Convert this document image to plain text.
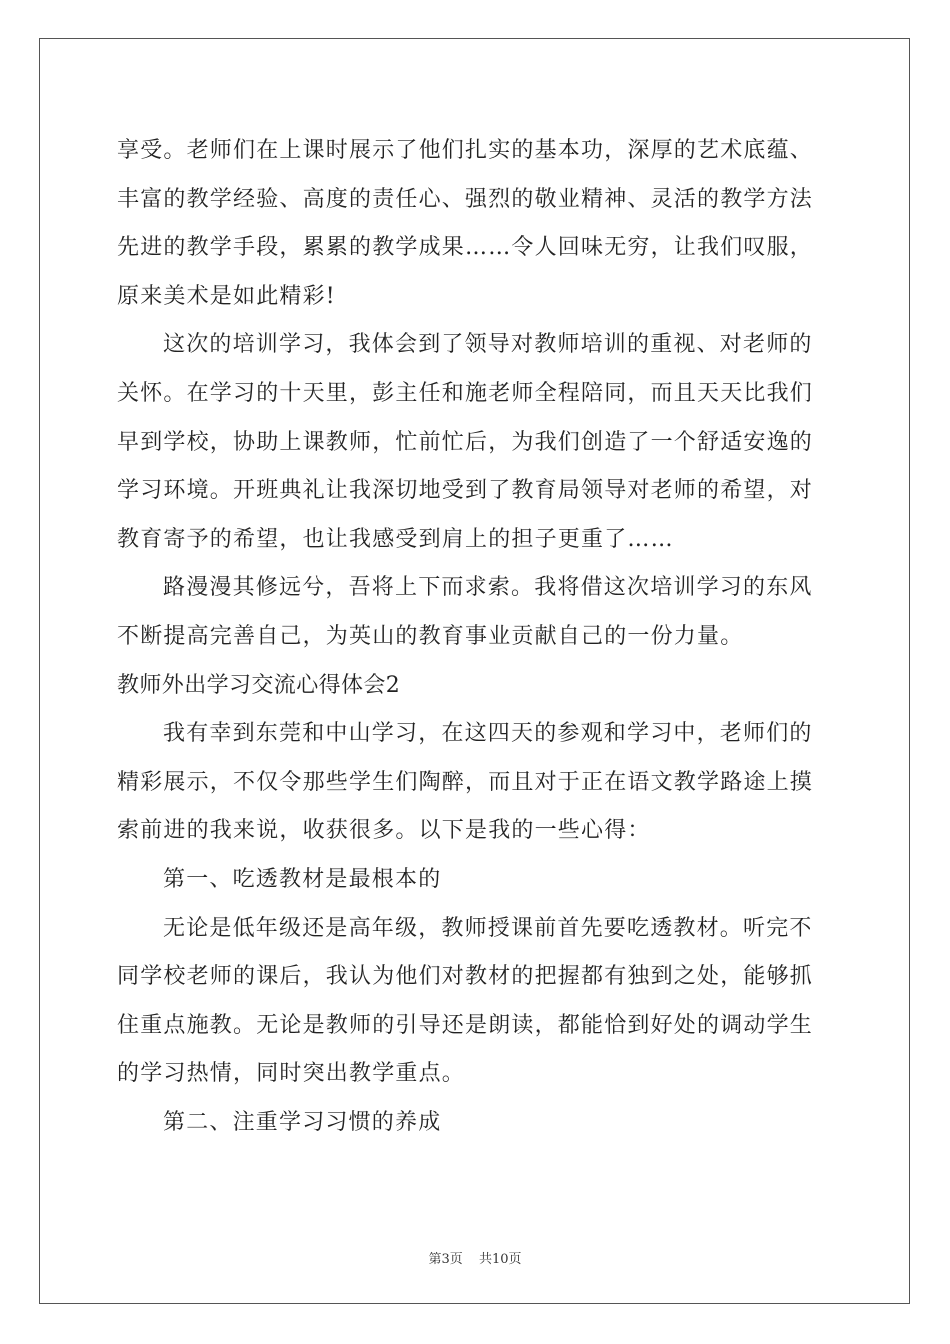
享受。老师们在上课时展示了他们扎实的基本功，深厚的艺术底蕴、
丰富的教学经验、高度的责任心、强烈的敬业精神、灵活的教学方法
先进的教学手段，累累的教学成果……令人回味无穷，让我们叹服，
原来美术是如此精彩!
这次的培训学习，我体会到了领导对教师培训的重视、对老师的
关怀。在学习的十天里，彭主任和施老师全程陪同，而且天天比我们
早到学校，协助上课教师，忙前忙后，为我们创造了一个舒适安逸的
学习环境。开班典礼让我深切地受到了教育局领导对老师的希望，对
教育寄予的希望，也让我感受到肩上的担子更重了……
路漫漫其修远兮，吾将上下而求索。我将借这次培训学习的东风
不断提高完善自己，为英山的教育事业贡献自己的一份力量。
教师外出学习交流心得体会2
我有幸到东莞和中山学习，在这四天的参观和学习中，老师们的
精彩展示，不仅令那些学生们陶醉，而且对于正在语文教学路途上摸
索前进的我来说，收获很多。以下是我的一些心得：
第一、吃透教材是最根本的
无论是低年级还是高年级，教师授课前首先要吃透教材。听完不
同学校老师的课后，我认为他们对教材的把握都有独到之处，能够抓
住重点施教。无论是教师的引导还是朗读，都能恰到好处的调动学生
的学习热情，同时突出教学重点。
第二、注重学习习惯的养成
第3页 共10页
